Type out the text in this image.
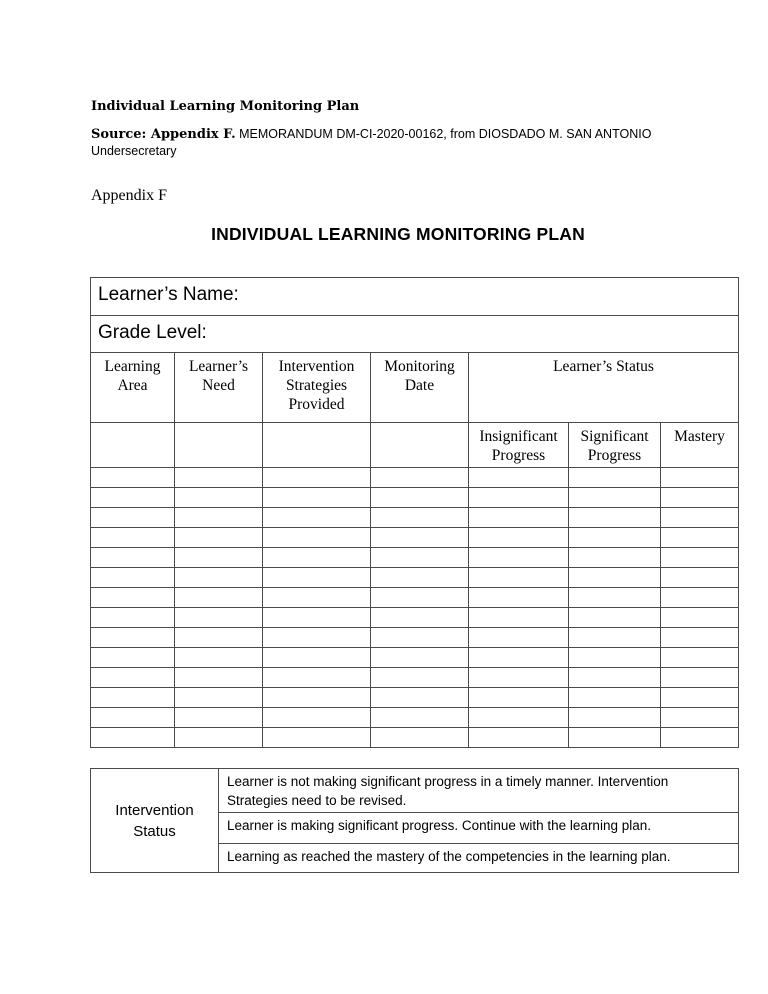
Individual Learning Monitoring Plan
Source: Appendix F. MEMORANDUM DM-CI-2020-00162, from DIOSDADO M. SAN ANTONIO
Undersecretary
Appendix F
INDIVIDUAL LEARNING MONITORING PLAN
Learner’s Name:						
Grade Level:						
Learning Area	Learner’s Need	Intervention Strategies Provided	Monitoring Date	Learner’s Status		
				Insignificant Progress	Significant Progress	Mastery

Intervention Status	Learner is not making significant progress in a timely manner. Intervention Strategies need to be revised.
Learner is making significant progress. Continue with the learning plan.
Learning as reached the mastery of the competencies in the learning plan.
